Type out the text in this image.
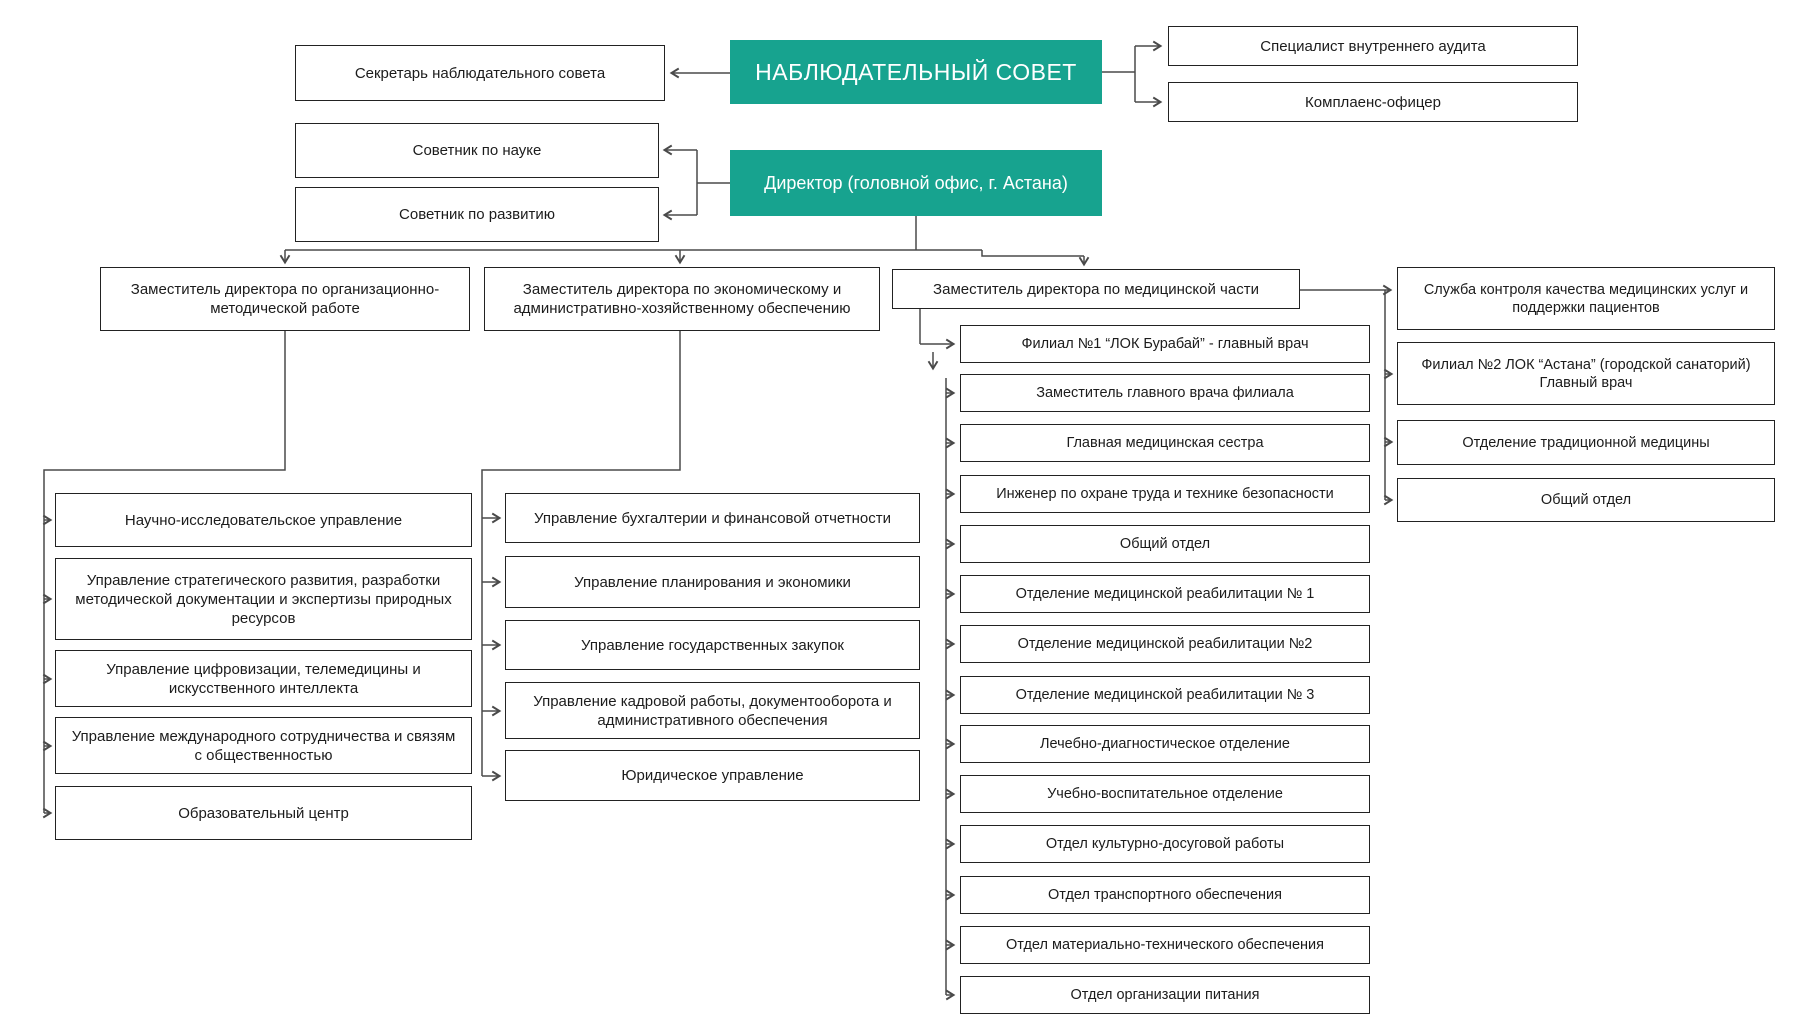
Секретарь наблюдательного совета	НАБЛЮДАТЕЛЬНЫЙ СОВЕТ
Специалист внутреннего аудита
Комплаенс-офицер
Советник по науке
Советник по развитию
Директор (головной офис, г. Астана)
Заместитель директора по организационно-методической работе
Заместитель директора по экономическому и административно-хозяйственному обеспечению
Заместитель директора по медицинской части
Научно-исследовательское управление
Управление стратегического развития, разработки методической документации и экспертизы природных ресурсов
Управление цифровизации, телемедицины и искусственного интеллекта
Управление международного сотрудничества и связям с общественностью
Образовательный центр
Управление бухгалтерии и финансовой отчетности
Управление планирования и экономики
Управление государственных закупок
Управление кадровой работы, документооборота и административного обеспечения
Юридическое управление
Филиал №1 “ЛОК Бурабай” - главный врач
Заместитель главного врача филиала
Главная медицинская сестра
Инженер по охране труда и технике безопасности
Общий отдел
Отделение медицинской реабилитации № 1
Отделение медицинской реабилитации №2
Отделение медицинской реабилитации № 3
Лечебно-диагностическое отделение
Учебно-воспитательное отделение
Отдел культурно-досуговой работы
Отдел транспортного обеспечения
Отдел материально-технического обеспечения
Отдел организации питания
Служба контроля качества медицинских услуг и поддержки пациентов
Филиал №2 ЛОК “Астана” (городской санаторий) Главный врач
Отделение традиционной медицины
Общий отдел
